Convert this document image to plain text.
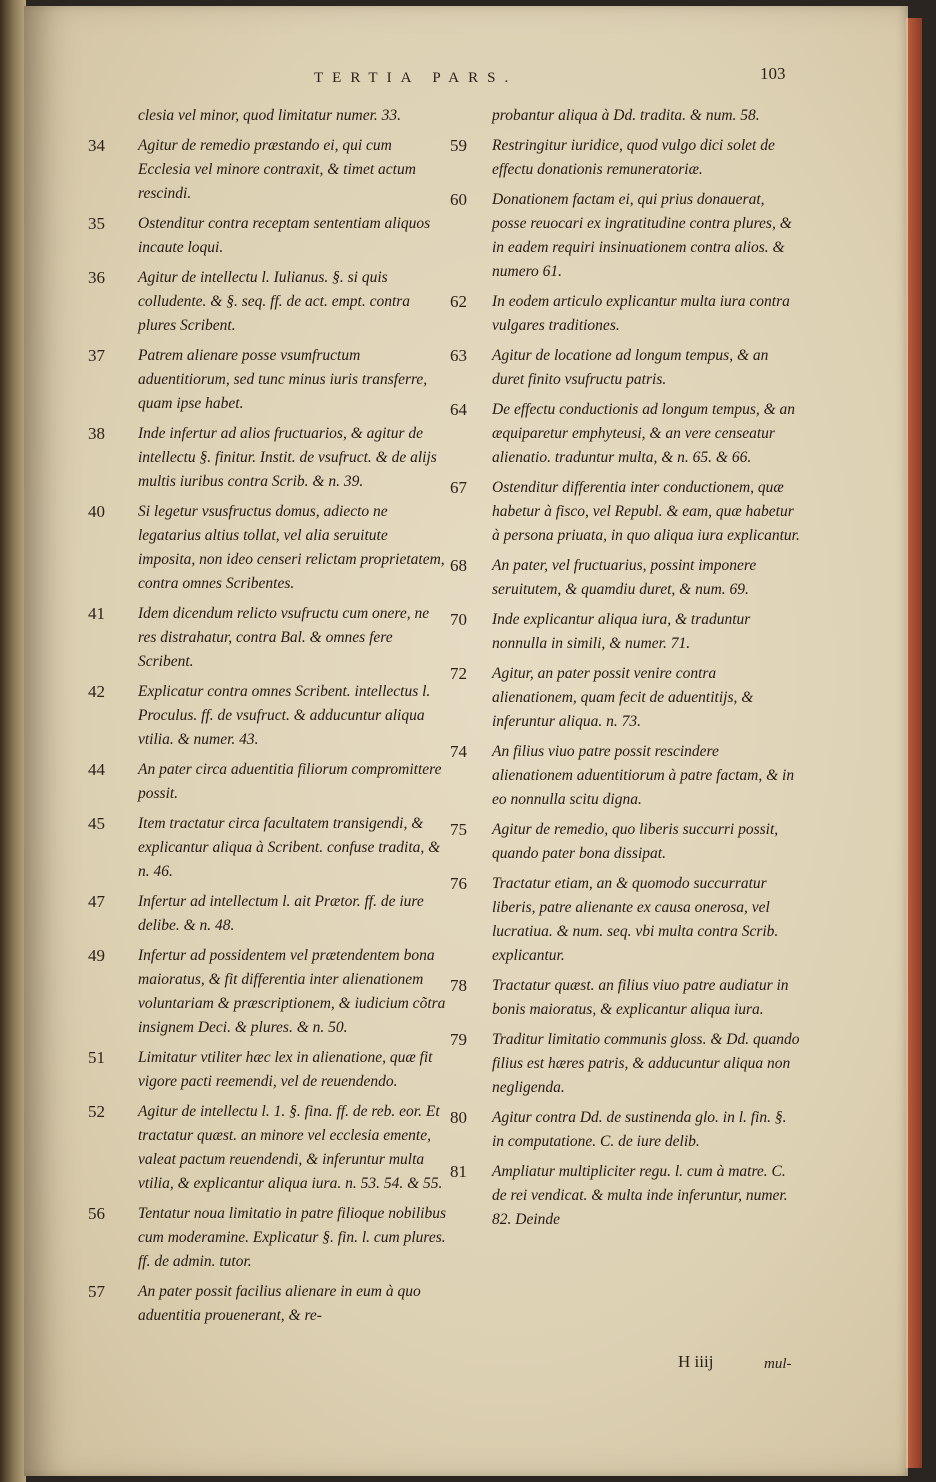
TERTIA PARS.	103
clesia vel minor, quod limitatur numer. 33.
34 Agitur de remedio præstando ei, qui cum Ecclesia vel minore contraxit, & timet actum rescindi.
35 Ostenditur contra receptam sententiam aliquos incaute loqui.
36 Agitur de intellectu l. Iulianus. §. si quis colludente. & §. seq. ff. de act. empt. contra plures Scribent.
37 Patrem alienare posse vsumfructum aduentitiorum, sed tunc minus iuris transferre, quam ipse habet.
38 Inde infertur ad alios fructuarios, & agitur de intellectu §. finitur. Instit. de vsufruct. & de alijs multis iuribus contra Scrib. & n. 39.
40 Si legetur vsusfructus domus, adiecto ne legatarius altius tollat, vel alia seruitute imposita, non ideo censeri relictam proprietatem, contra omnes Scribentes.
41 Idem dicendum relicto vsufructu cum onere, ne res distrahatur, contra Bal. & omnes fere Scribent.
42 Explicatur contra omnes Scribent. intellectus l. Proculus. ff. de vsufruct. & adducuntur aliqua vtilia. & numer. 43.
44 An pater circa aduentitia filiorum compromittere possit.
45 Item tractatur circa facultatem transigendi, & explicantur aliqua à Scribent. confuse tradita, & n. 46.
47 Infertur ad intellectum l. ait Prætor. ff. de iure delibe. & n. 48.
49 Infertur ad possidentem vel prætendentem bona maioratus, & fit differentia inter alienationem voluntariam & præscriptionem, & iudicium cõtra insignem Deci. & plures. & n. 50.
51 Limitatur vtiliter hæc lex in alienatione, quæ fit vigore pacti reemendi, vel de reuendendo.
52 Agitur de intellectu l. 1. §. fina. ff. de reb. eor. Et tractatur quæst. an minore vel ecclesia emente, valeat pactum reuendendi, & inferuntur multa vtilia, & explicantur aliqua iura. n. 53. 54. & 55.
56 Tentatur noua limitatio in patre filioque nobilibus cum moderamine. Explicatur §. fin. l. cum plures. ff. de admin. tutor.
57 An pater possit facilius alienare in eum à quo aduentitia prouenerant, & re-
probantur aliqua à Dd. tradita. & num. 58.
59 Restringitur iuridice, quod vulgo dici solet de effectu donationis remuneratoriæ.
60 Donationem factam ei, qui prius donauerat, posse reuocari ex ingratitudine contra plures, & in eadem requiri insinuationem contra alios. & numero 61.
62 In eodem articulo explicantur multa iura contra vulgares traditiones.
63 Agitur de locatione ad longum tempus, & an duret finito vsufructu patris.
64 De effectu conductionis ad longum tempus, & an æquiparetur emphyteusi, & an vere censeatur alienatio. traduntur multa, & n. 65. & 66.
67 Ostenditur differentia inter conductionem, quæ habetur à fisco, vel Republ. & eam, quæ habetur à persona priuata, in quo aliqua iura explicantur.
68 An pater, vel fructuarius, possint imponere seruitutem, & quamdiu duret, & num. 69.
70 Inde explicantur aliqua iura, & traduntur nonnulla in simili, & numer. 71.
72 Agitur, an pater possit venire contra alienationem, quam fecit de aduentitijs, & inferuntur aliqua. n. 73.
74 An filius viuo patre possit rescindere alienationem aduentitiorum à patre factam, & in eo nonnulla scitu digna.
75 Agitur de remedio, quo liberis succurri possit, quando pater bona dissipat.
76 Tractatur etiam, an & quomodo succurratur liberis, patre alienante ex causa onerosa, vel lucratiua. & num. seq. vbi multa contra Scrib. explicantur.
78 Tractatur quæst. an filius viuo patre audiatur in bonis maioratus, & explicantur aliqua iura.
79 Traditur limitatio communis gloss. & Dd. quando filius est hæres patris, & adducuntur aliqua non negligenda.
80 Agitur contra Dd. de sustinenda glo. in l. fin. §. in computatione. C. de iure delib.
81 Ampliatur multipliciter regu. l. cum à matre. C. de rei vendicat. & multa inde inferuntur, numer. 82. Deinde
H iiij	mul-
